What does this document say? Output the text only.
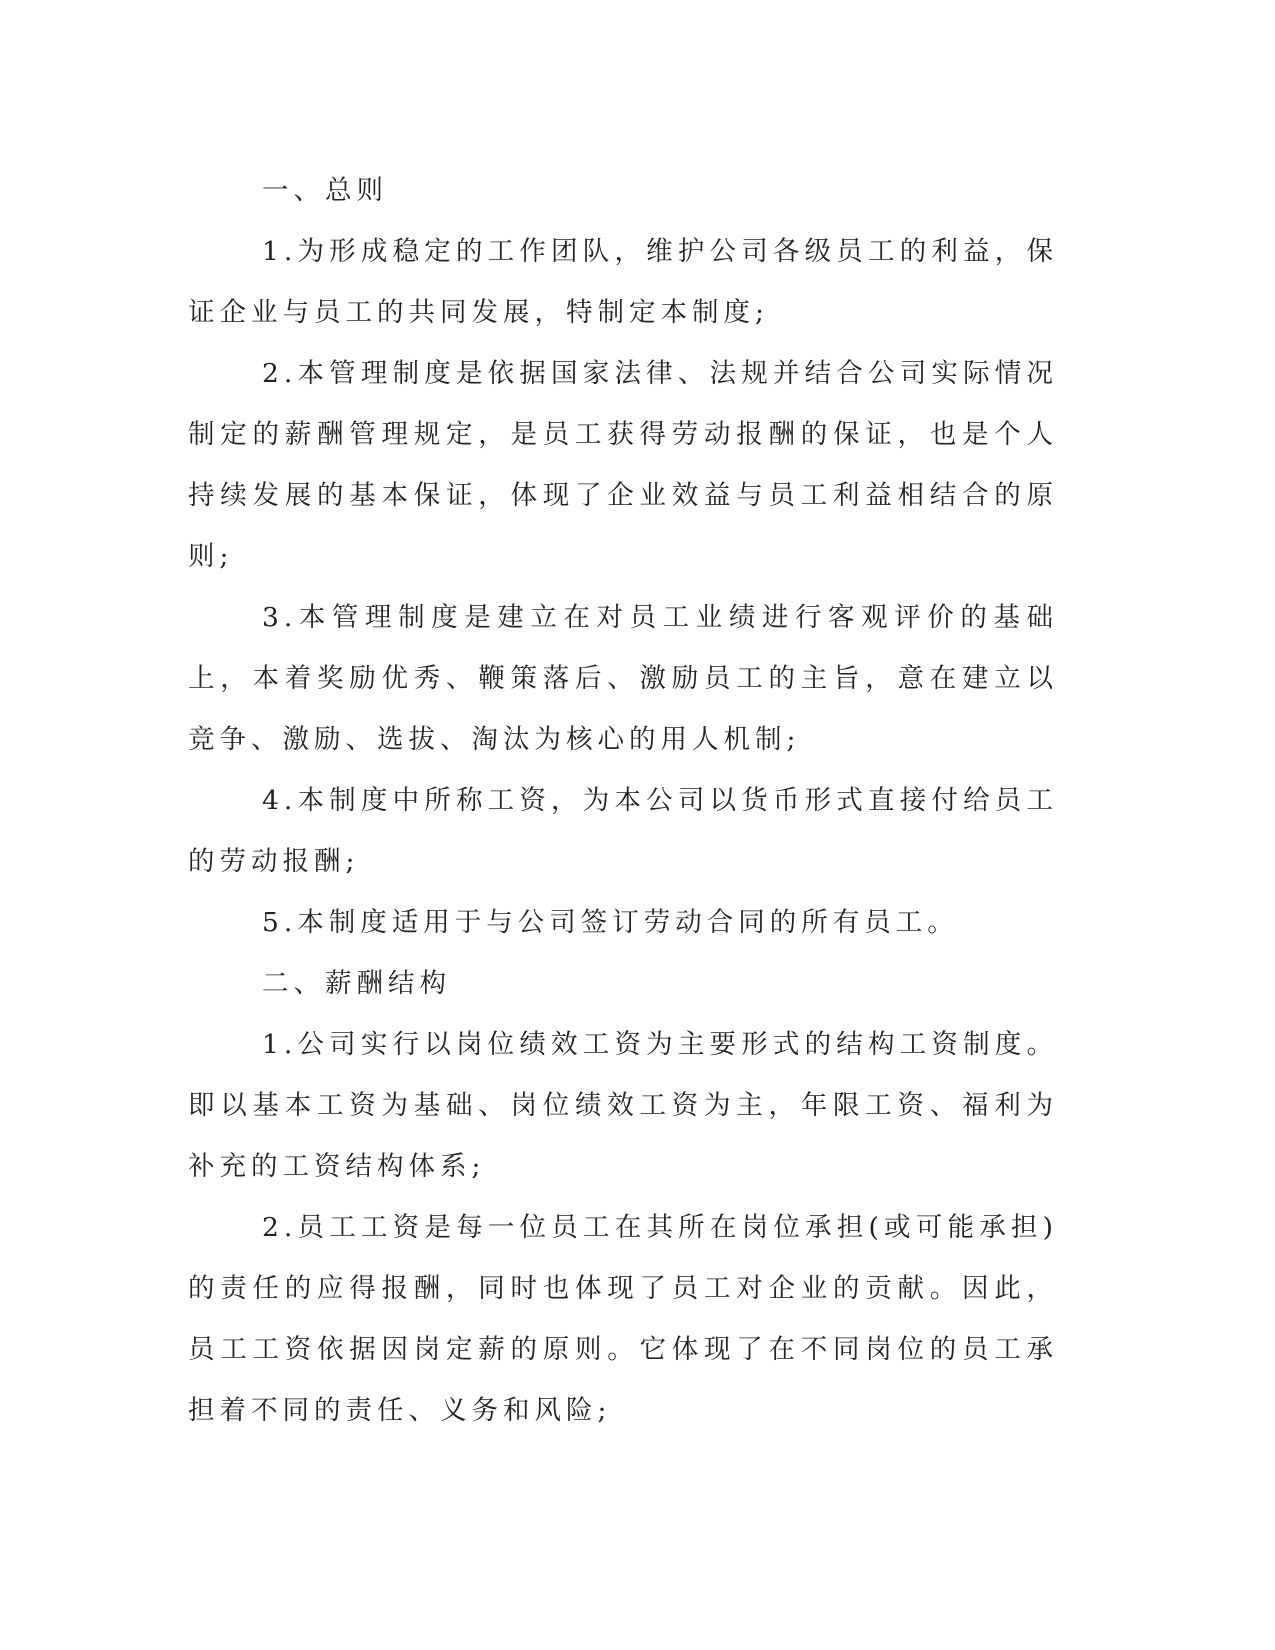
一、总则

1.为形成稳定的工作团队，维护公司各级员工的利益，保证企业与员工的共同发展，特制定本制度;

2.本管理制度是依据国家法律、法规并结合公司实际情况制定的薪酬管理规定，是员工获得劳动报酬的保证，也是个人持续发展的基本保证，体现了企业效益与员工利益相结合的原则;

3.本管理制度是建立在对员工业绩进行客观评价的基础上，本着奖励优秀、鞭策落后、激励员工的主旨，意在建立以竞争、激励、选拔、淘汰为核心的用人机制;

4.本制度中所称工资，为本公司以货币形式直接付给员工的劳动报酬;

5.本制度适用于与公司签订劳动合同的所有员工。

二、薪酬结构

1.公司实行以岗位绩效工资为主要形式的结构工资制度。即以基本工资为基础、岗位绩效工资为主，年限工资、福利为补充的工资结构体系;

2.员工工资是每一位员工在其所在岗位承担(或可能承担)的责任的应得报酬，同时也体现了员工对企业的贡献。因此，员工工资依据因岗定薪的原则。它体现了在不同岗位的员工承担着不同的责任、义务和风险;
